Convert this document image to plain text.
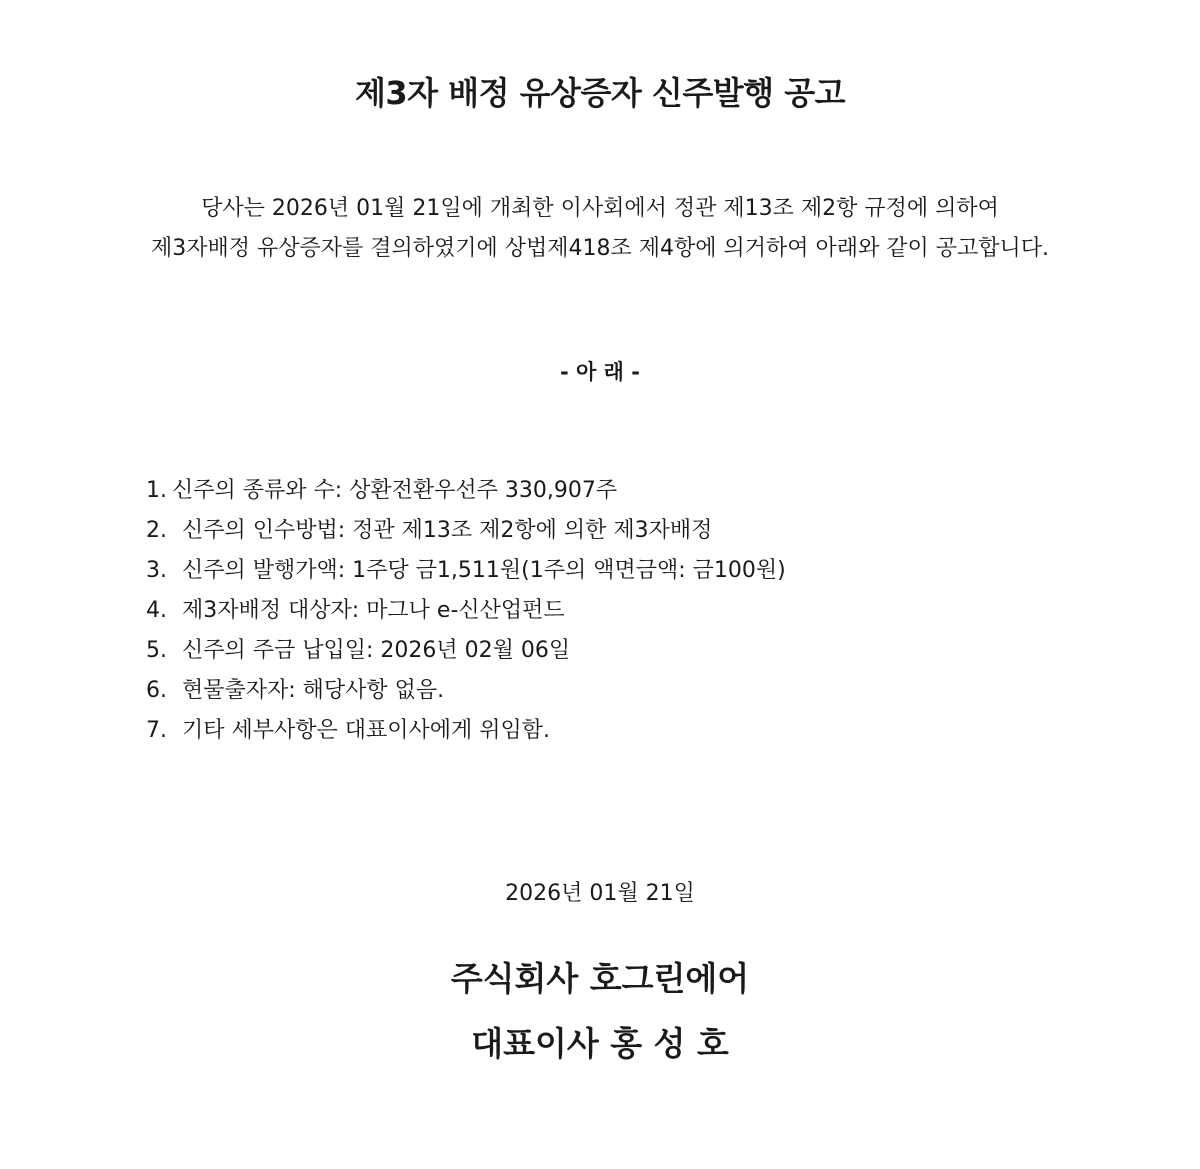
제3자 배정 유상증자 신주발행 공고
당사는 2026년 01월 21일에 개최한 이사회에서 정관 제13조 제2항 규정에 의하여
제3자배정 유상증자를 결의하였기에 상법제418조 제4항에 의거하여 아래와 같이 공고합니다.
- 아 래 -
1. 신주의 종류와 수: 상환전환우선주 330,907주
2. 신주의 인수방법: 정관 제13조 제2항에 의한 제3자배정
3. 신주의 발행가액: 1주당 금1,511원(1주의 액면금액: 금100원)
4. 제3자배정 대상자: 마그나 e-신산업펀드
5. 신주의 주금 납입일: 2026년 02월 06일
6. 현물출자자: 해당사항 없음.
7. 기타 세부사항은 대표이사에게 위임함.
2026년 01월 21일
주식회사 호그린에어
대표이사 홍 성 호
